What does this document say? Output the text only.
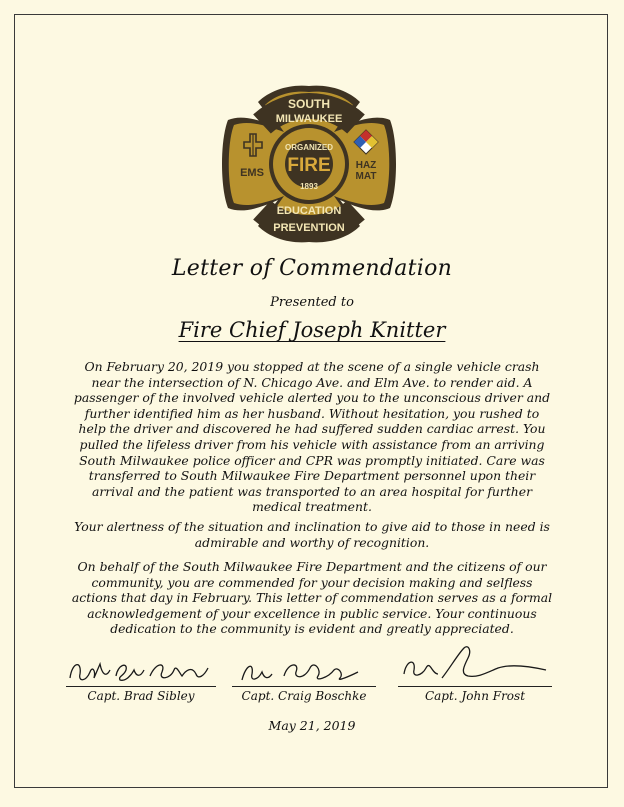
SOUTH
MILWAUKEE
ORGANIZED
FIRE
1893
EMS
HAZ
MAT
EDUCATION
PREVENTION
Letter of Commendation
Presented to
Fire Chief Joseph Knitter
On February 20, 2019 you stopped at the scene of a single vehicle crash near the intersection of N. Chicago Ave. and Elm Ave. to render aid. A passenger of the involved vehicle alerted you to the unconscious driver and further identified him as her husband. Without hesitation, you rushed to help the driver and discovered he had suffered sudden cardiac arrest. You pulled the lifeless driver from his vehicle with assistance from an arriving South Milwaukee police officer and CPR was promptly initiated. Care was transferred to South Milwaukee Fire Department personnel upon their arrival and the patient was transported to an area hospital for further medical treatment.
Your alertness of the situation and inclination to give aid to those in need is admirable and worthy of recognition.
On behalf of the South Milwaukee Fire Department and the citizens of our community, you are commended for your decision making and selfless actions that day in February. This letter of commendation serves as a formal acknowledgement of your excellence in public service. Your continuous dedication to the community is evident and greatly appreciated.
Capt. Brad Sibley	Capt. Craig Boschke	Capt. John Frost
May 21, 2019
